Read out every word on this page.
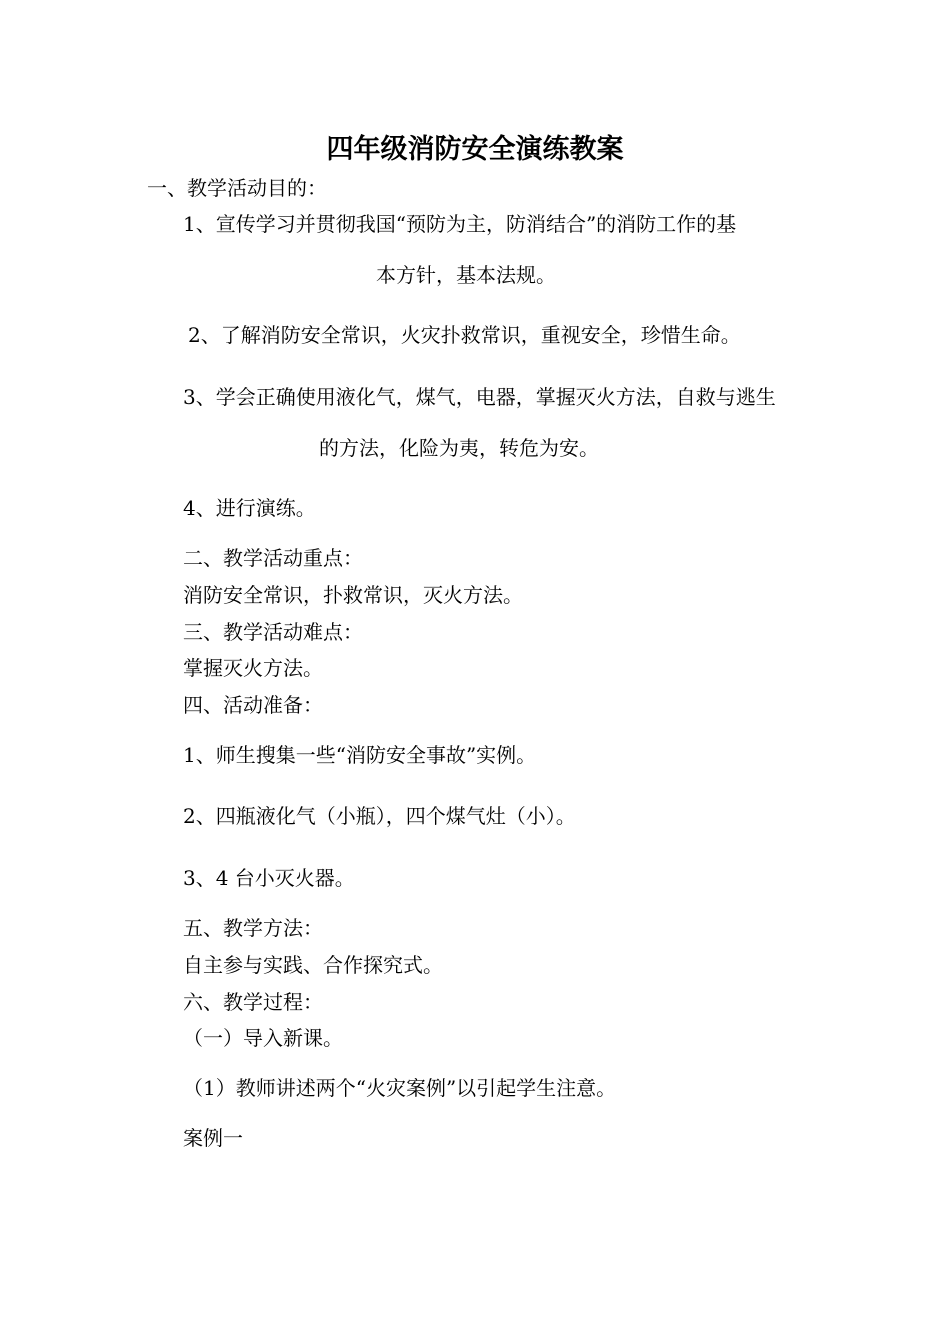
四年级消防安全演练教案
一、教学活动目的：
1、宣传学习并贯彻我国“预防为主，防消结合”的消防工作的基
本方针，基本法规。
2、了解消防安全常识，火灾扑救常识，重视安全，珍惜生命。
3、学会正确使用液化气，煤气，电器，掌握灭火方法，自救与逃生
的方法，化险为夷，转危为安。
4、进行演练。
二、教学活动重点：
消防安全常识，扑救常识，灭火方法。
三、教学活动难点：
掌握灭火方法。
四、活动准备：
1、师生搜集一些“消防安全事故”实例。
2、四瓶液化气（小瓶），四个煤气灶（小）。
3、4 台小灭火器。
五、教学方法：
自主参与实践、合作探究式。
六、教学过程：
（一）导入新课。
（1）教师讲述两个“火灾案例”以引起学生注意。
案例一
